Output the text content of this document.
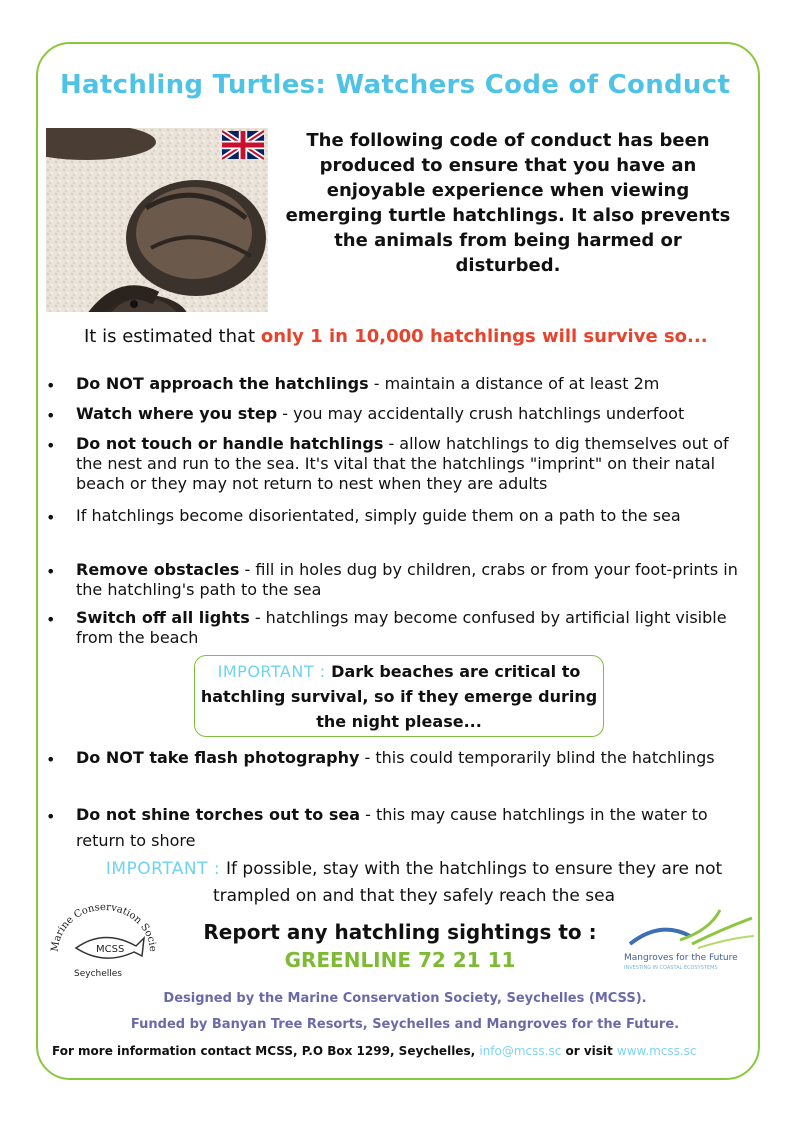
Hatchling Turtles: Watchers Code of Conduct
The following code of conduct has been produced to ensure that you have an enjoyable experience when viewing emerging turtle hatchlings. It also prevents the animals from being harmed or disturbed.
It is estimated that only 1 in 10,000 hatchlings will survive so...
• Do NOT approach the hatchlings - maintain a distance of at least 2m
• Watch where you step - you may accidentally crush hatchlings underfoot
• Do not touch or handle hatchlings - allow hatchlings to dig themselves out of the nest and run to the sea. It's vital that the hatchlings "imprint" on their natal beach or they may not return to nest when they are adults
• If hatchlings become disorientated, simply guide them on a path to the sea
• Remove obstacles - fill in holes dug by children, crabs or from your foot-prints in the hatchling's path to the sea
• Switch off all lights - hatchlings may become confused by artificial light visible from the beach
IMPORTANT : Dark beaches are critical to hatchling survival, so if they emerge during the night please...
• Do NOT take flash photography - this could temporarily blind the hatchlings
• Do not shine torches out to sea - this may cause hatchlings in the water to return to shore
IMPORTANT : If possible, stay with the hatchlings to ensure they are not trampled on and that they safely reach the sea
Marine Conservation Socie
MCSS
Seychelles
Report any hatchling sightings to :
GREENLINE 72 21 11	Mangroves for the Future
INVESTING IN COASTAL ECOSYSTEMS
Designed by the Marine Conservation Society, Seychelles (MCSS).
Funded by Banyan Tree Resorts, Seychelles and Mangroves for the Future.
For more information contact MCSS, P.O Box 1299, Seychelles, info@mcss.sc or visit www.mcss.sc
